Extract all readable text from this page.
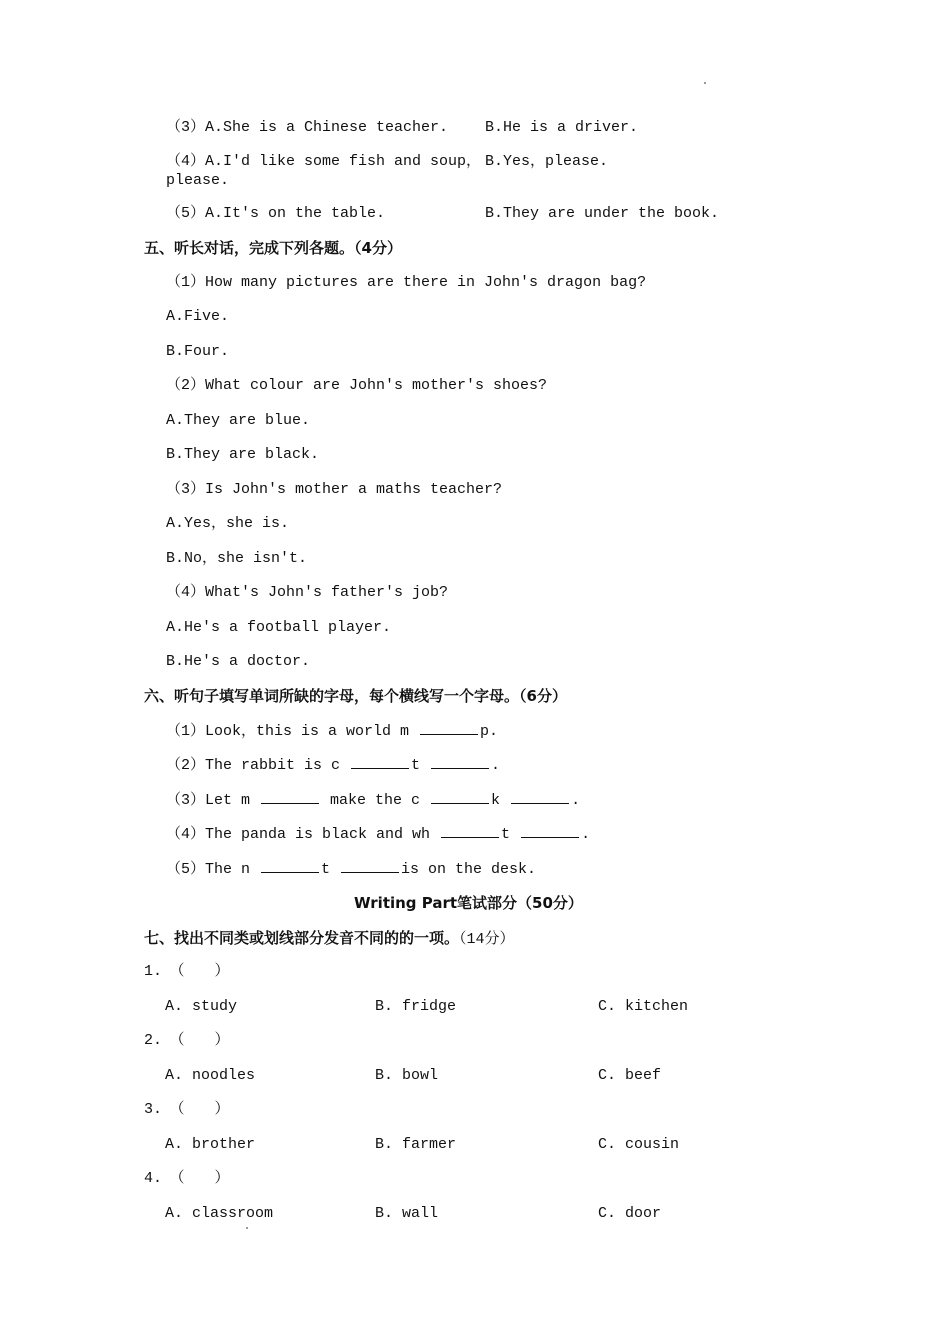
（3）A.She is a Chinese teacher. B.He is a driver.
（4）A.I'd like some fish and soup， B.Yes，please.
please.
（5）A.It's on the table.	B.They are under the book.
五、听长对话，完成下列各题。（4分）
（1）How many pictures are there in John's dragon bag?
A.Five.
B.Four.
（2）What colour are John's mother's shoes?
A.They are blue.
B.They are black.
（3）Is John's mother a maths teacher?
A.Yes，she is.
B.No，she isn't.
（4）What's John's father's job?
A.He's a football player.
B.He's a doctor.
六、听句子填写单词所缺的字母，每个横线写一个字母。（6分）
（1）Look，this is a world m	p.
（2）The rabbit is c	t	.
（3）Let m	make the c	k	.
（4）The panda is black and wh	t	.
（5）The n	t	is on the desk.
Writing Part笔试部分（50分）
七、找出不同类或划线部分发音不同的的一项。（14分）
1.　（　　）
A. study	B. fridge	C. kitchen
2.　（　　）
A. noodles	B. bowl	C. beef
3.　（　　）
A. brother	B. farmer	C. cousin
4.　（　　）
A. classroom	B. wall	C. door
